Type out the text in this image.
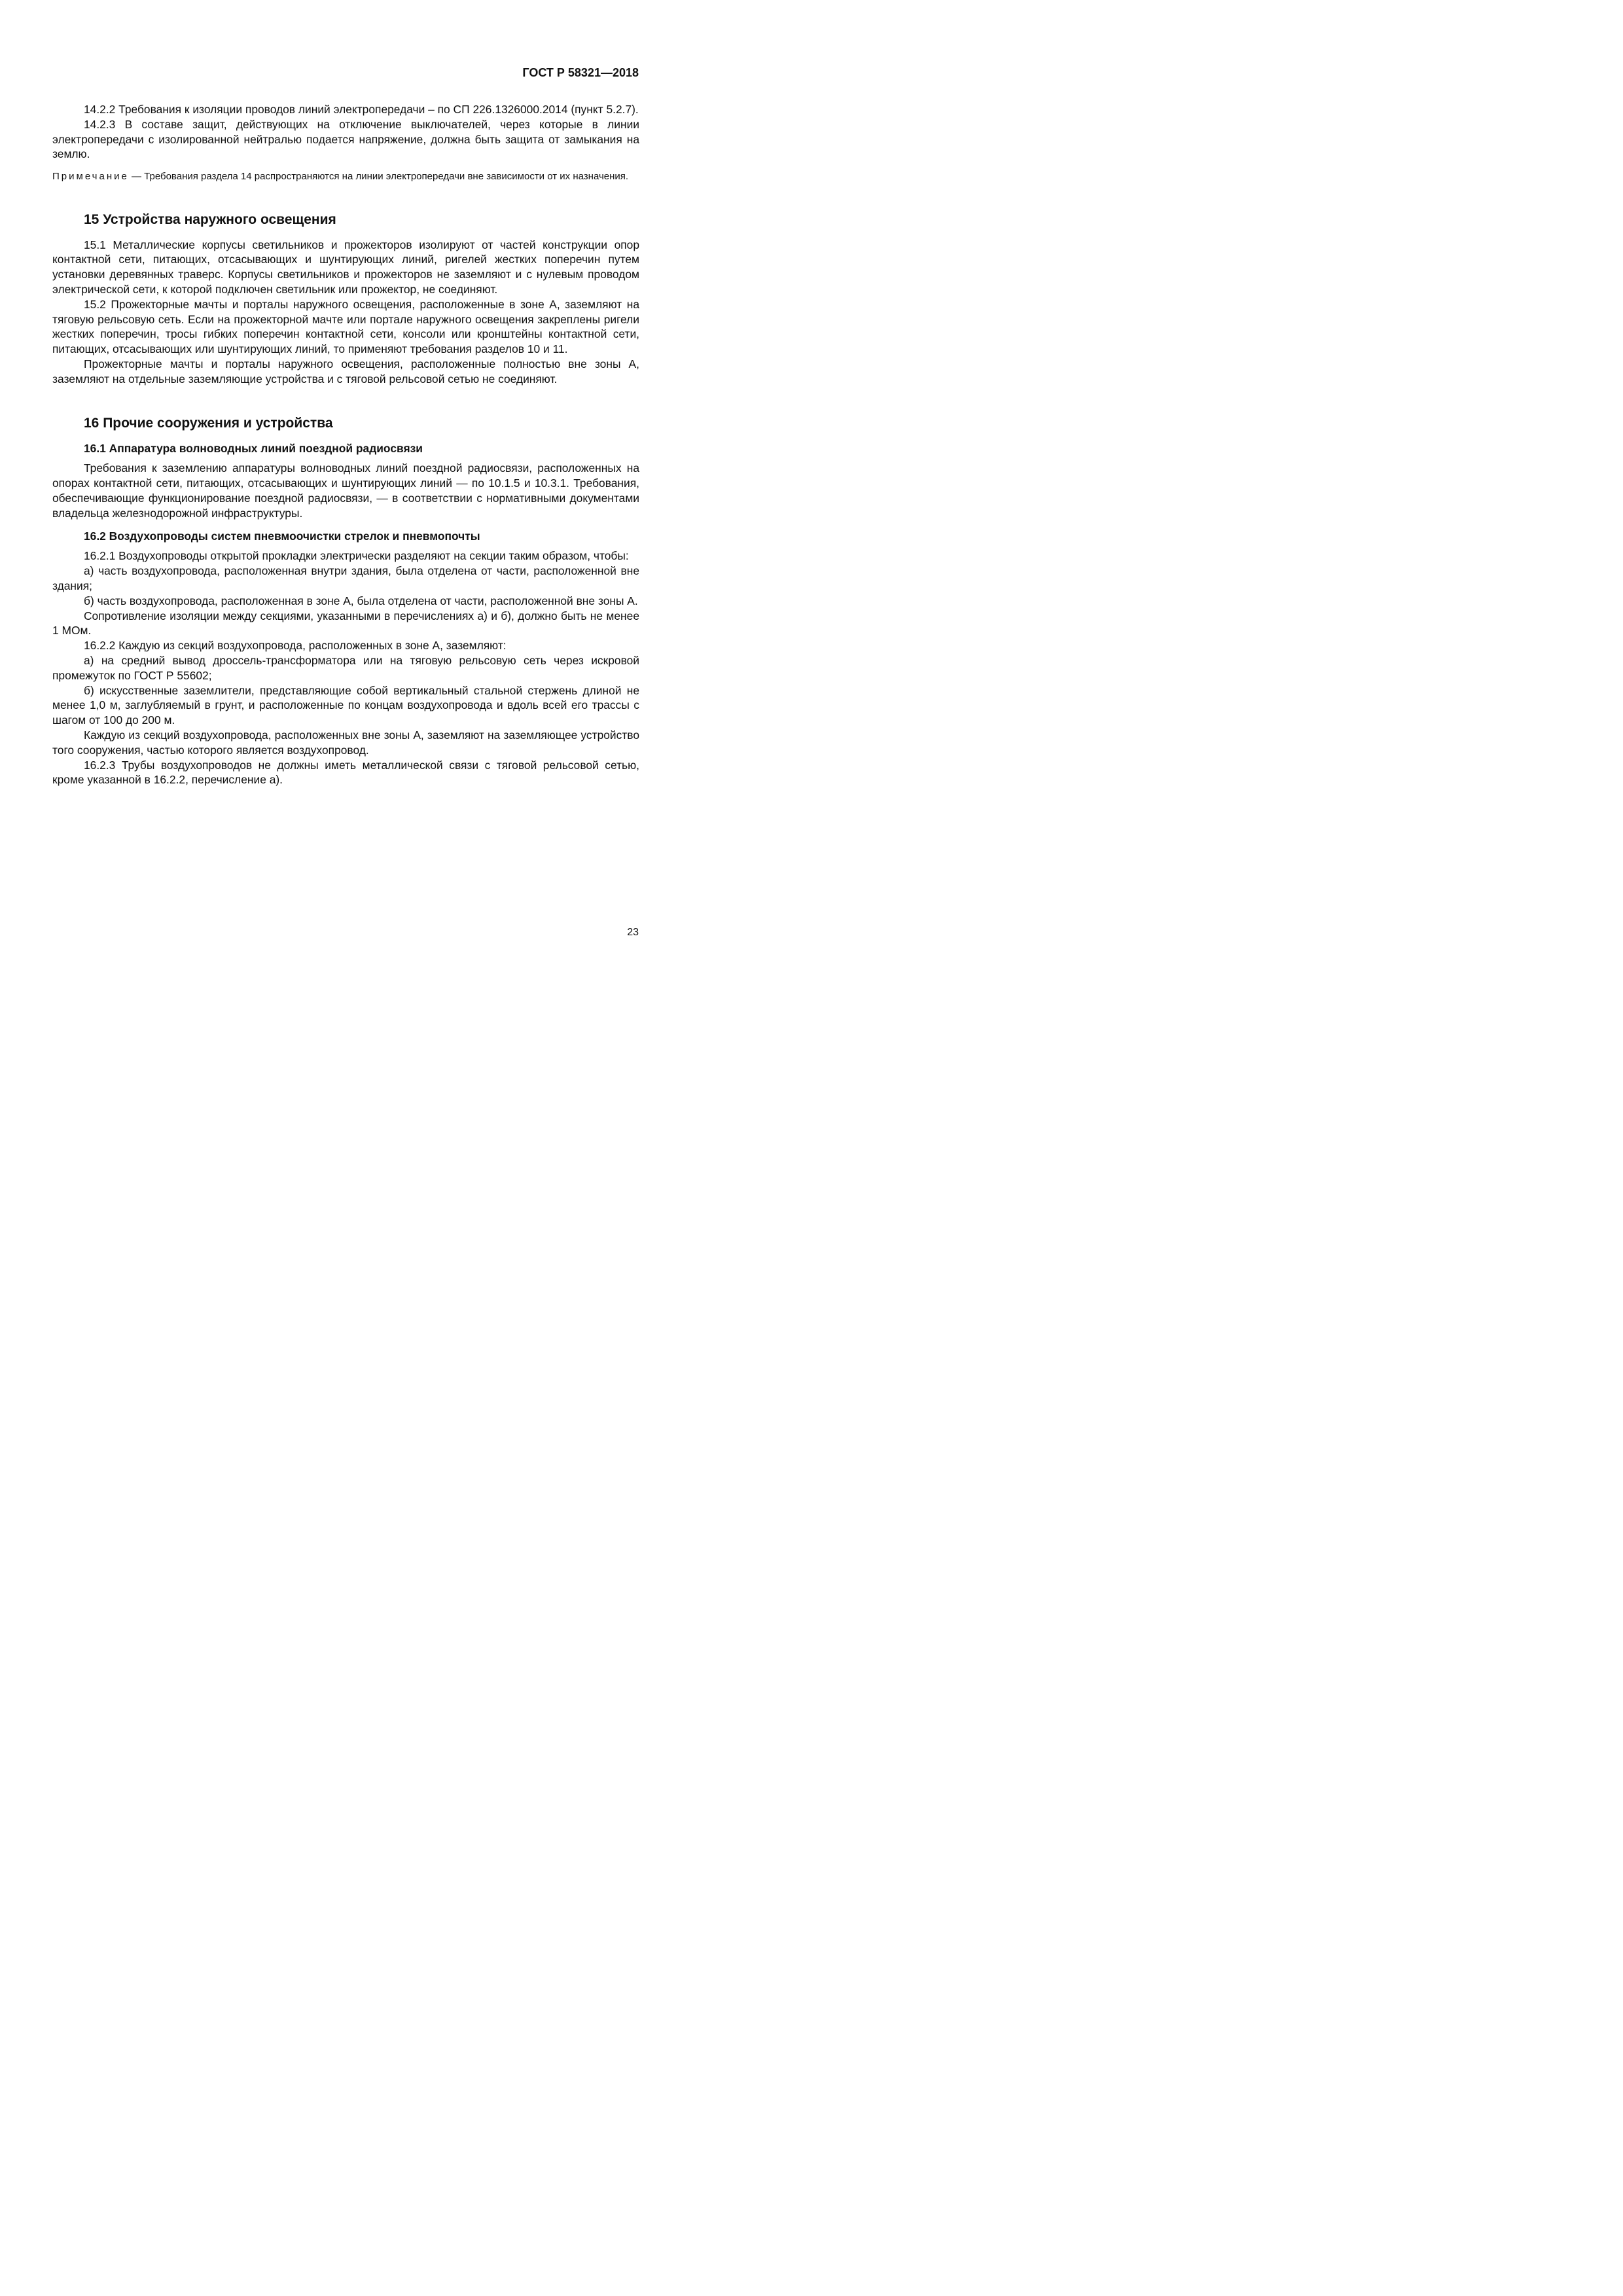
ГОСТ Р 58321—2018

14.2.2 Требования к изоляции проводов линий электропередачи – по СП 226.1326000.2014 (пункт 5.2.7).

14.2.3 В составе защит, действующих на отключение выключателей, через которые в линии электропередачи с изолированной нейтралью подается напряжение, должна быть защита от замыкания на землю.

Примечание — Требования раздела 14 распространяются на линии электропередачи вне зависимости от их назначения.
15 Устройства наружного освещения

15.1 Металлические корпусы светильников и прожекторов изолируют от частей конструкции опор контактной сети, питающих, отсасывающих и шунтирующих линий, ригелей жестких поперечин путем установки деревянных траверс. Корпусы светильников и прожекторов не заземляют и с нулевым проводом электрической сети, к которой подключен светильник или прожектор, не соединяют.

15.2 Прожекторные мачты и порталы наружного освещения, расположенные в зоне А, заземляют на тяговую рельсовую сеть. Если на прожекторной мачте или портале наружного освещения закреплены ригели жестких поперечин, тросы гибких поперечин контактной сети, консоли или кронштейны контактной сети, питающих, отсасывающих или шунтирующих линий, то применяют требования разделов 10 и 11.

Прожекторные мачты и порталы наружного освещения, расположенные полностью вне зоны А, заземляют на отдельные заземляющие устройства и с тяговой рельсовой сетью не соединяют.

16 Прочие сооружения и устройства
16.1 Аппаратура волноводных линий поездной радиосвязи

Требования к заземлению аппаратуры волноводных линий поездной радиосвязи, расположенных на опорах контактной сети, питающих, отсасывающих и шунтирующих линий — по 10.1.5 и 10.3.1. Требования, обеспечивающие функционирование поездной радиосвязи, — в соответствии с нормативными документами владельца железнодорожной инфраструктуры.

16.2 Воздухопроводы систем пневмоочистки стрелок и пневмопочты

16.2.1 Воздухопроводы открытой прокладки электрически разделяют на секции таким образом, чтобы:

а) часть воздухопровода, расположенная внутри здания, была отделена от части, расположенной вне здания;

б) часть воздухопровода, расположенная в зоне А, была отделена от части, расположенной вне зоны А.

Сопротивление изоляции между секциями, указанными в перечислениях а) и б), должно быть не менее 1 МОм.

16.2.2 Каждую из секций воздухопровода, расположенных в зоне А, заземляют:

а) на средний вывод дроссель-трансформатора или на тяговую рельсовую сеть через искровой промежуток по ГОСТ Р 55602;

б) искусственные заземлители, представляющие собой вертикальный стальной стержень длиной не менее 1,0 м, заглубляемый в грунт, и расположенные по концам воздухопровода и вдоль всей его трассы с шагом от 100 до 200 м.

Каждую из секций воздухопровода, расположенных вне зоны А, заземляют на заземляющее устройство того сооружения, частью которого является воздухопровод.

16.2.3 Трубы воздухопроводов не должны иметь металлической связи с тяговой рельсовой сетью, кроме указанной в 16.2.2, перечисление а).

23
